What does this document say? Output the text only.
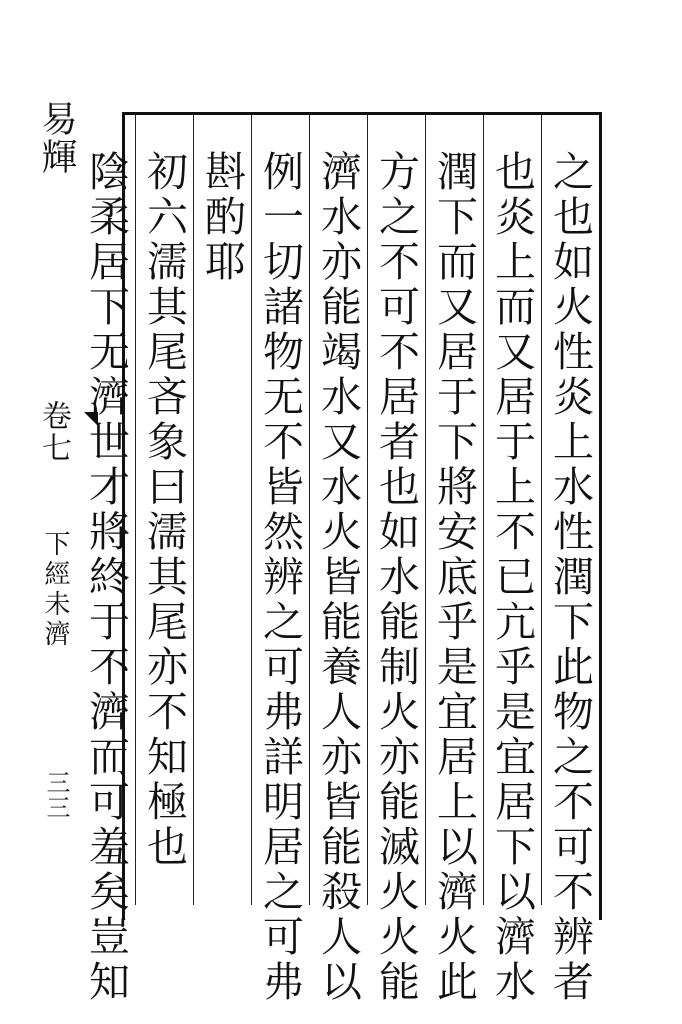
之也如火性炎上水性潤下此物之不可不辨者
也炎上而又居于上不已亢乎是宜居下以濟水
潤下而又居于下將安底乎是宜居上以濟火此
方之不可不居者也如水能制火亦能滅火火能
濟水亦能竭水又水火皆能養人亦皆能殺人以
例一切諸物无不皆然辨之可弗詳明居之可弗
斟酌耶
初六濡其尾吝象曰濡其尾亦不知極也
陰柔居下无濟世才將終于不濟而可羞矣豈知
易輝
卷七
下經未濟
三三
